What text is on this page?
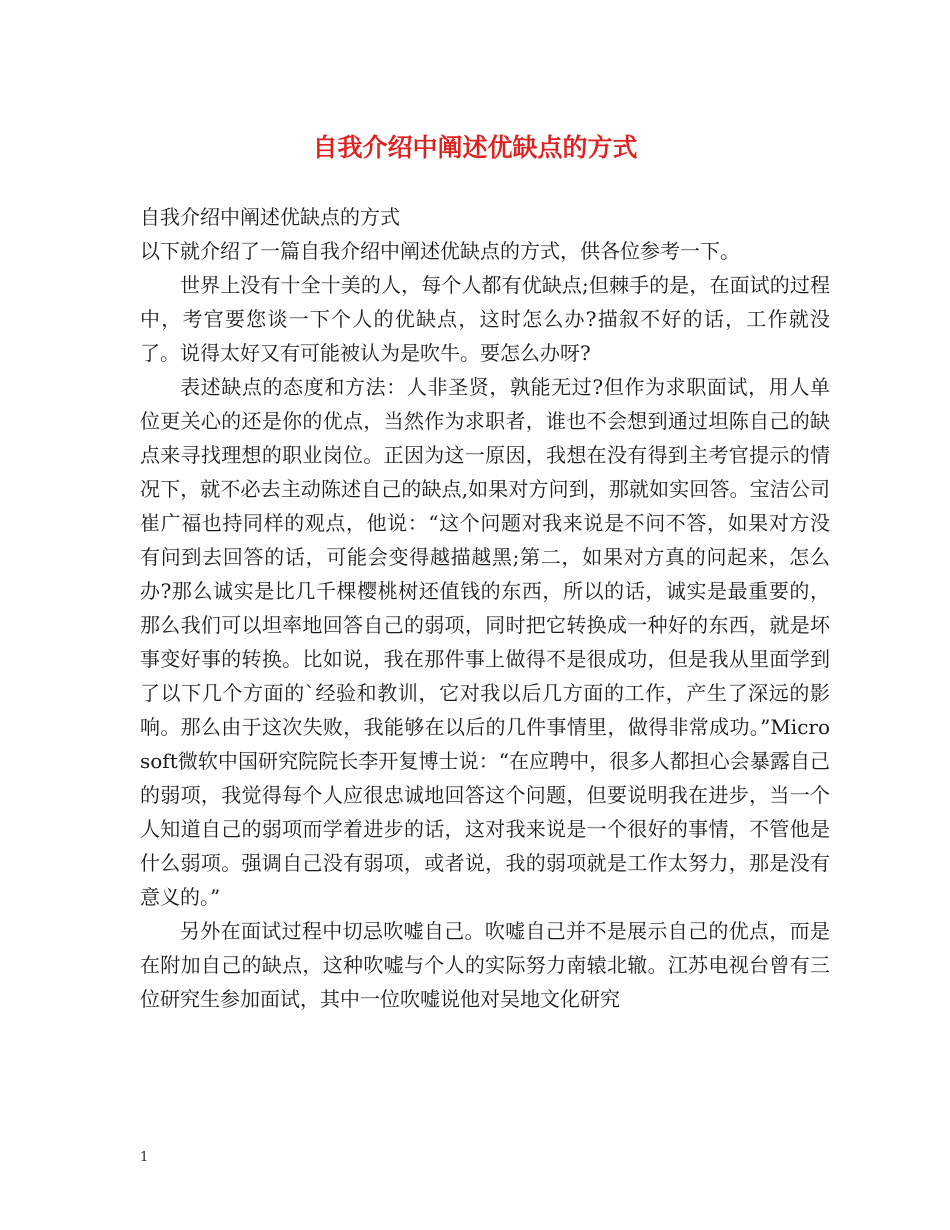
自我介绍中阐述优缺点的方式

自我介绍中阐述优缺点的方式

以下就介绍了一篇自我介绍中阐述优缺点的方式，供各位参考一下。

世界上没有十全十美的人，每个人都有优缺点;但棘手的是，在面试的过程中，考官要您谈一下个人的优缺点，这时怎么办?描叙不好的话，工作就没了。说得太好又有可能被认为是吹牛。要怎么办呀?

表述缺点的态度和方法：人非圣贤，孰能无过?但作为求职面试，用人单位更关心的还是你的优点，当然作为求职者，谁也不会想到通过坦陈自己的缺点来寻找理想的职业岗位。正因为这一原因，我想在没有得到主考官提示的情况下，就不必去主动陈述自己的缺点,如果对方问到，那就如实回答。宝洁公司崔广福也持同样的观点，他说：“这个问题对我来说是不问不答，如果对方没有问到去回答的话，可能会变得越描越黑;第二，如果对方真的问起来，怎么办?那么诚实是比几千棵樱桃树还值钱的东西，所以的话，诚实是最重要的，那么我们可以坦率地回答自己的弱项，同时把它转换成一种好的东西，就是坏事变好事的转换。比如说，我在那件事上做得不是很成功，但是我从里面学到了以下几个方面的`经验和教训，它对我以后几方面的工作，产生了深远的影响。那么由于这次失败，我能够在以后的几件事情里，做得非常成功。”Microsoft微软中国研究院院长李开复博士说：“在应聘中，很多人都担心会暴露自己的弱项，我觉得每个人应很忠诚地回答这个问题，但要说明我在进步，当一个人知道自己的弱项而学着进步的话，这对我来说是一个很好的事情，不管他是什么弱项。强调自己没有弱项，或者说，我的弱项就是工作太努力，那是没有意义的。”

另外在面试过程中切忌吹嘘自己。吹嘘自己并不是展示自己的优点，而是在附加自己的缺点，这种吹嘘与个人的实际努力南辕北辙。江苏电视台曾有三位研究生参加面试，其中一位吹嘘说他对吴地文化研究

1
